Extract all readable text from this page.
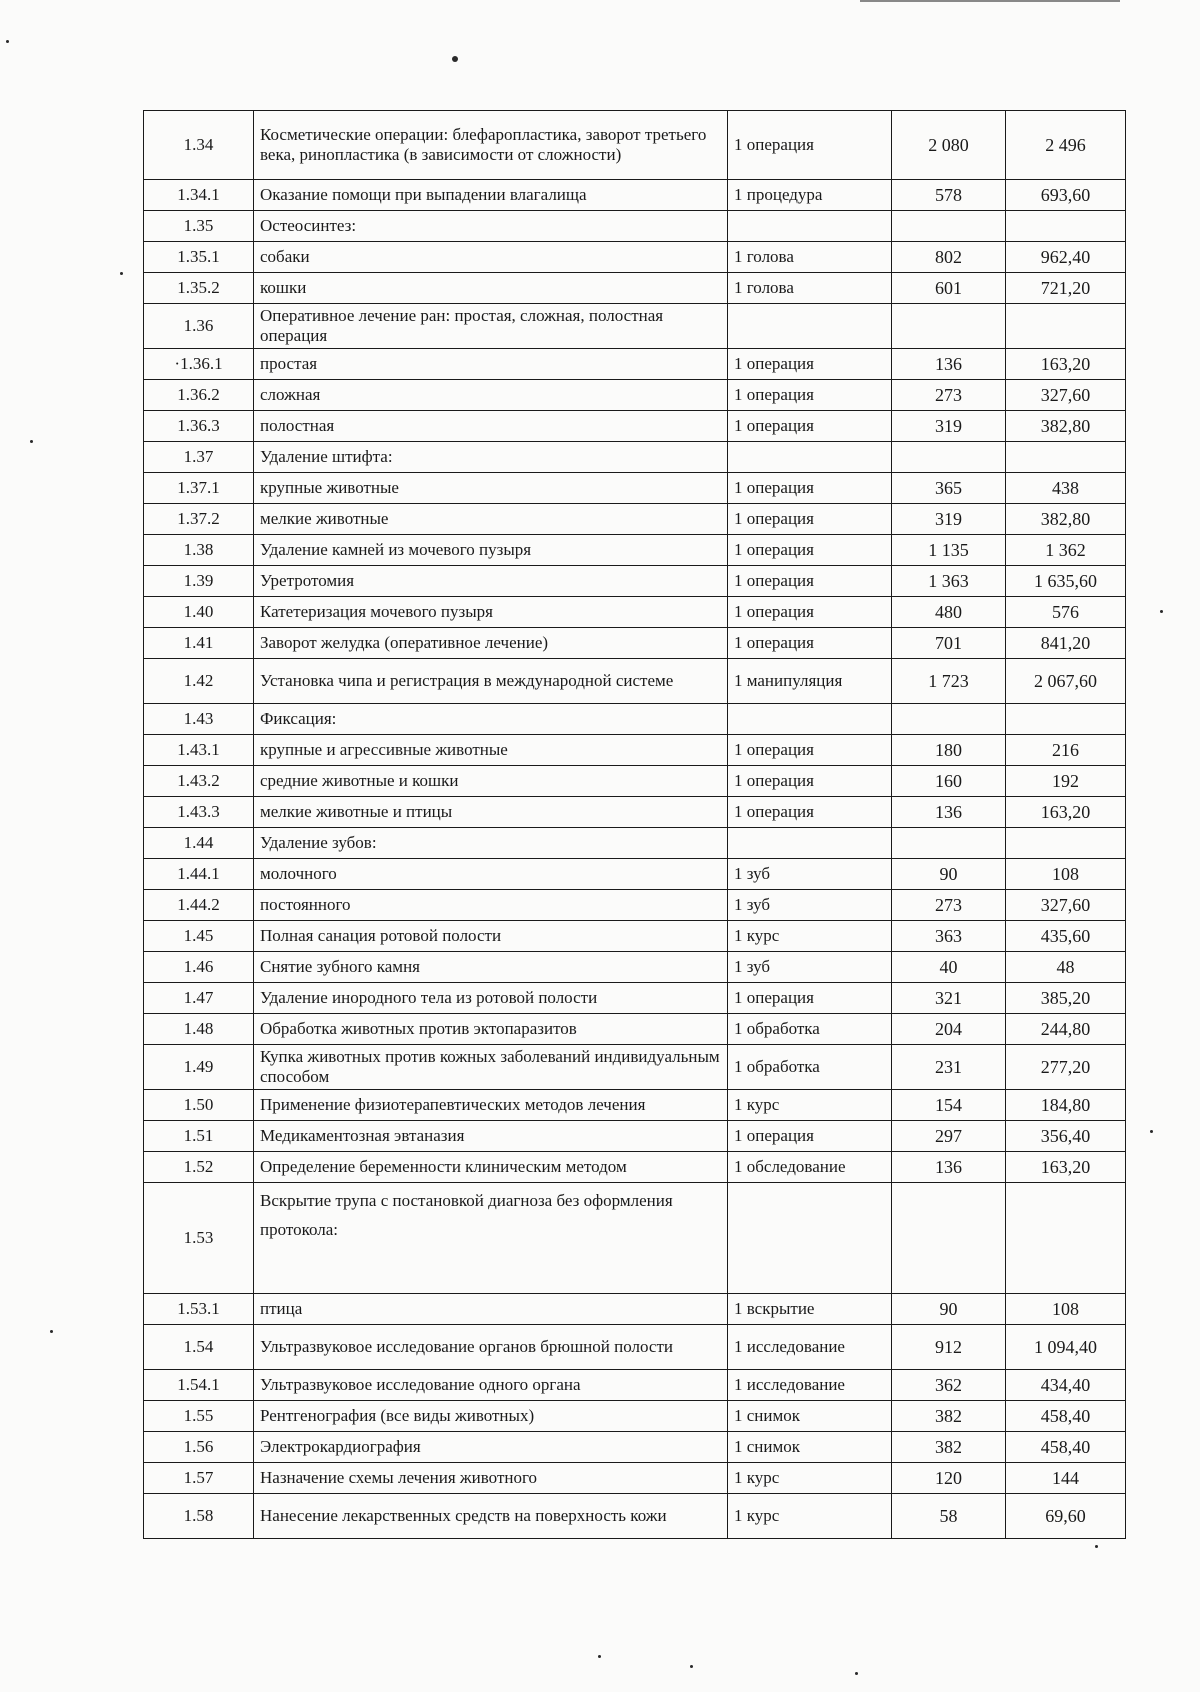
1.34	Косметические операции: блефаропластика, заворот третьего века, ринопластика (в зависимости от сложности)	1 операция	2 080	2 496
1.34.1	Оказание помощи при выпадении влагалища	1 процедура	578	693,60
1.35	Остеосинтез:			
1.35.1	собаки	1 голова	802	962,40
1.35.2	кошки	1 голова	601	721,20
1.36	Оперативное лечение ран: простая, сложная, полостная операция			
·1.36.1	простая	1 операция	136	163,20
1.36.2	сложная	1 операция	273	327,60
1.36.3	полостная	1 операция	319	382,80
1.37	Удаление штифта:			
1.37.1	крупные животные	1 операция	365	438
1.37.2	мелкие животные	1 операция	319	382,80
1.38	Удаление камней из мочевого пузыря	1 операция	1 135	1 362
1.39	Уретротомия	1 операция	1 363	1 635,60
1.40	Катетеризация мочевого пузыря	1 операция	480	576
1.41	Заворот желудка (оперативное лечение)	1 операция	701	841,20
1.42	Установка чипа и регистрация в международной системе	1 манипуляция	1 723	2 067,60
1.43	Фиксация:			
1.43.1	крупные и агрессивные животные	1 операция	180	216
1.43.2	средние животные и кошки	1 операция	160	192
1.43.3	мелкие животные и птицы	1 операция	136	163,20
1.44	Удаление зубов:			
1.44.1	молочного	1 зуб	90	108
1.44.2	постоянного	1 зуб	273	327,60
1.45	Полная санация ротовой полости	1 курс	363	435,60
1.46	Снятие зубного камня	1 зуб	40	48
1.47	Удаление инородного тела из ротовой полости	1 операция	321	385,20
1.48	Обработка животных против эктопаразитов	1 обработка	204	244,80
1.49	Купка животных против кожных заболеваний индивидуальным способом	1 обработка	231	277,20
1.50	Применение физиотерапевтических методов лечения	1 курс	154	184,80
1.51	Медикаментозная эвтаназия	1 операция	297	356,40
1.52	Определение беременности клиническим методом	1 обследование	136	163,20
1.53	Вскрытие трупа с постановкой диагноза без оформления протокола:			
1.53.1	птица	1 вскрытие	90	108
1.54	Ультразвуковое исследование органов брюшной полости	1 исследование	912	1 094,40
1.54.1	Ультразвуковое исследование одного органа	1 исследование	362	434,40
1.55	Рентгенография (все виды животных)	1 снимок	382	458,40
1.56	Электрокардиография	1 снимок	382	458,40
1.57	Назначение схемы лечения животного	1 курс	120	144
1.58	Нанесение лекарственных средств на поверхность кожи	1 курс	58	69,60
